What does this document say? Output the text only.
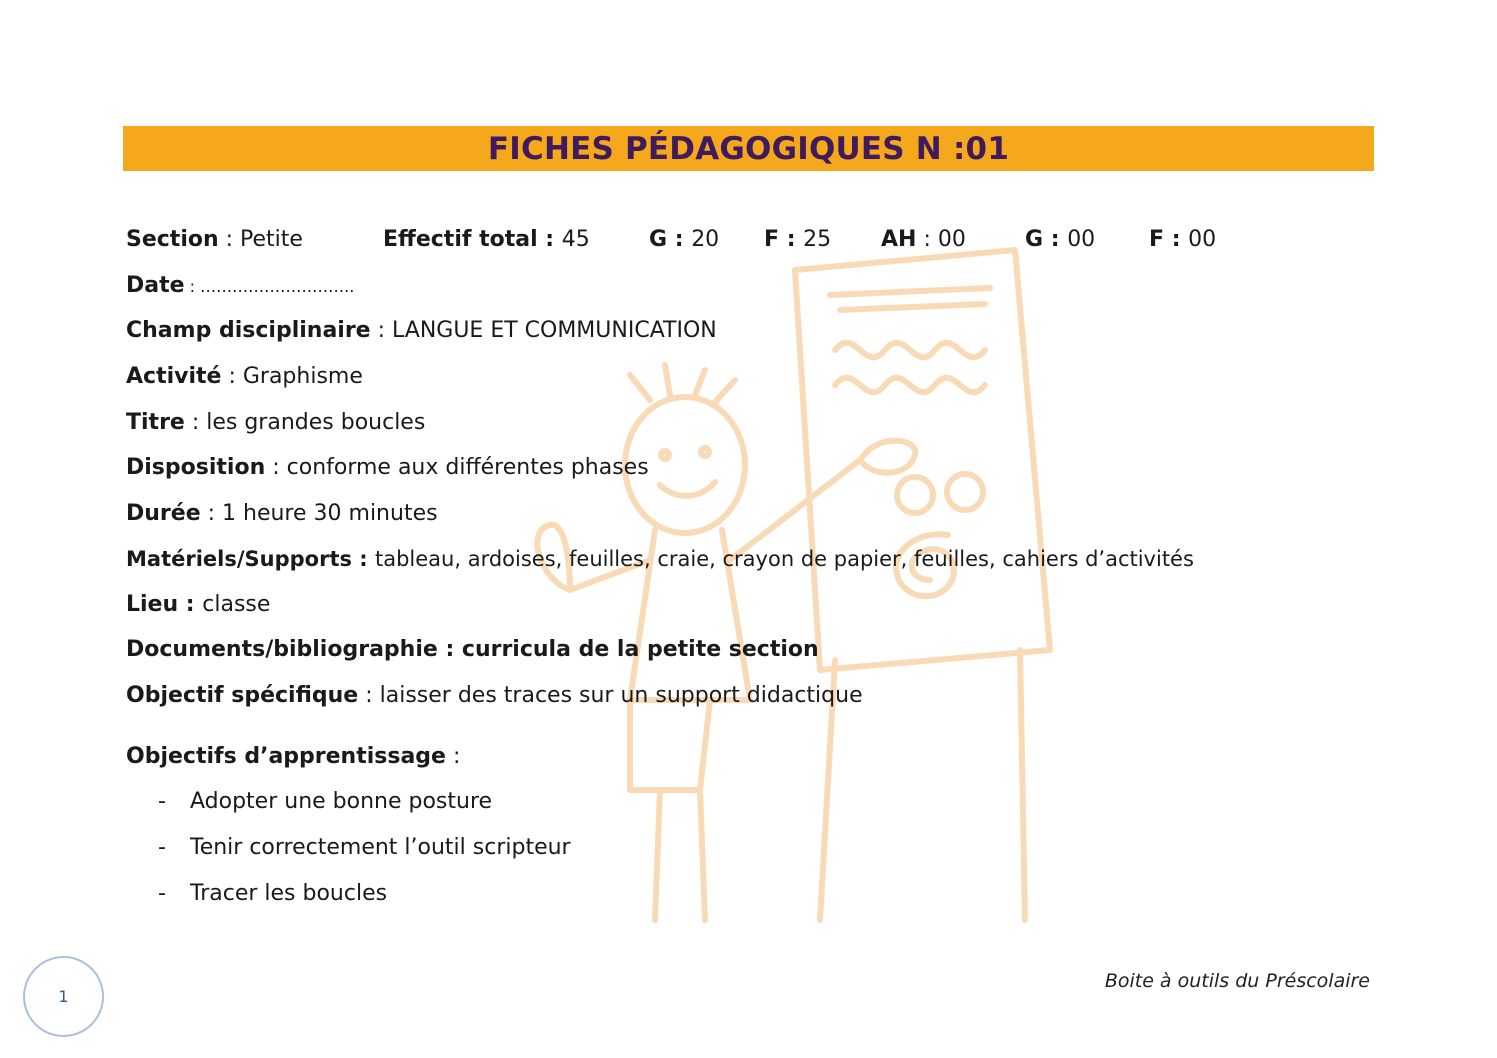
FICHES PÉDAGOGIQUES N :01
Section : Petite	Effectif total : 45	G : 20 F : 25 AH : 00	G : 00 F : 00
Date : ………………………..
Champ disciplinaire : LANGUE ET COMMUNICATION
Activité : Graphisme
Titre : les grandes boucles
Disposition : conforme aux différentes phases
Durée : 1 heure 30 minutes
Matériels/Supports : tableau, ardoises, feuilles, craie, crayon de papier, feuilles, cahiers d’activités
Lieu : classe
Documents/bibliographie : curricula de la petite section
Objectif spécifique : laisser des traces sur un support didactique
Objectifs d’apprentissage :
- Adopter une bonne posture
- Tenir correctement l’outil scripteur
- Tracer les boucles
Boite à outils du Préscolaire
1
